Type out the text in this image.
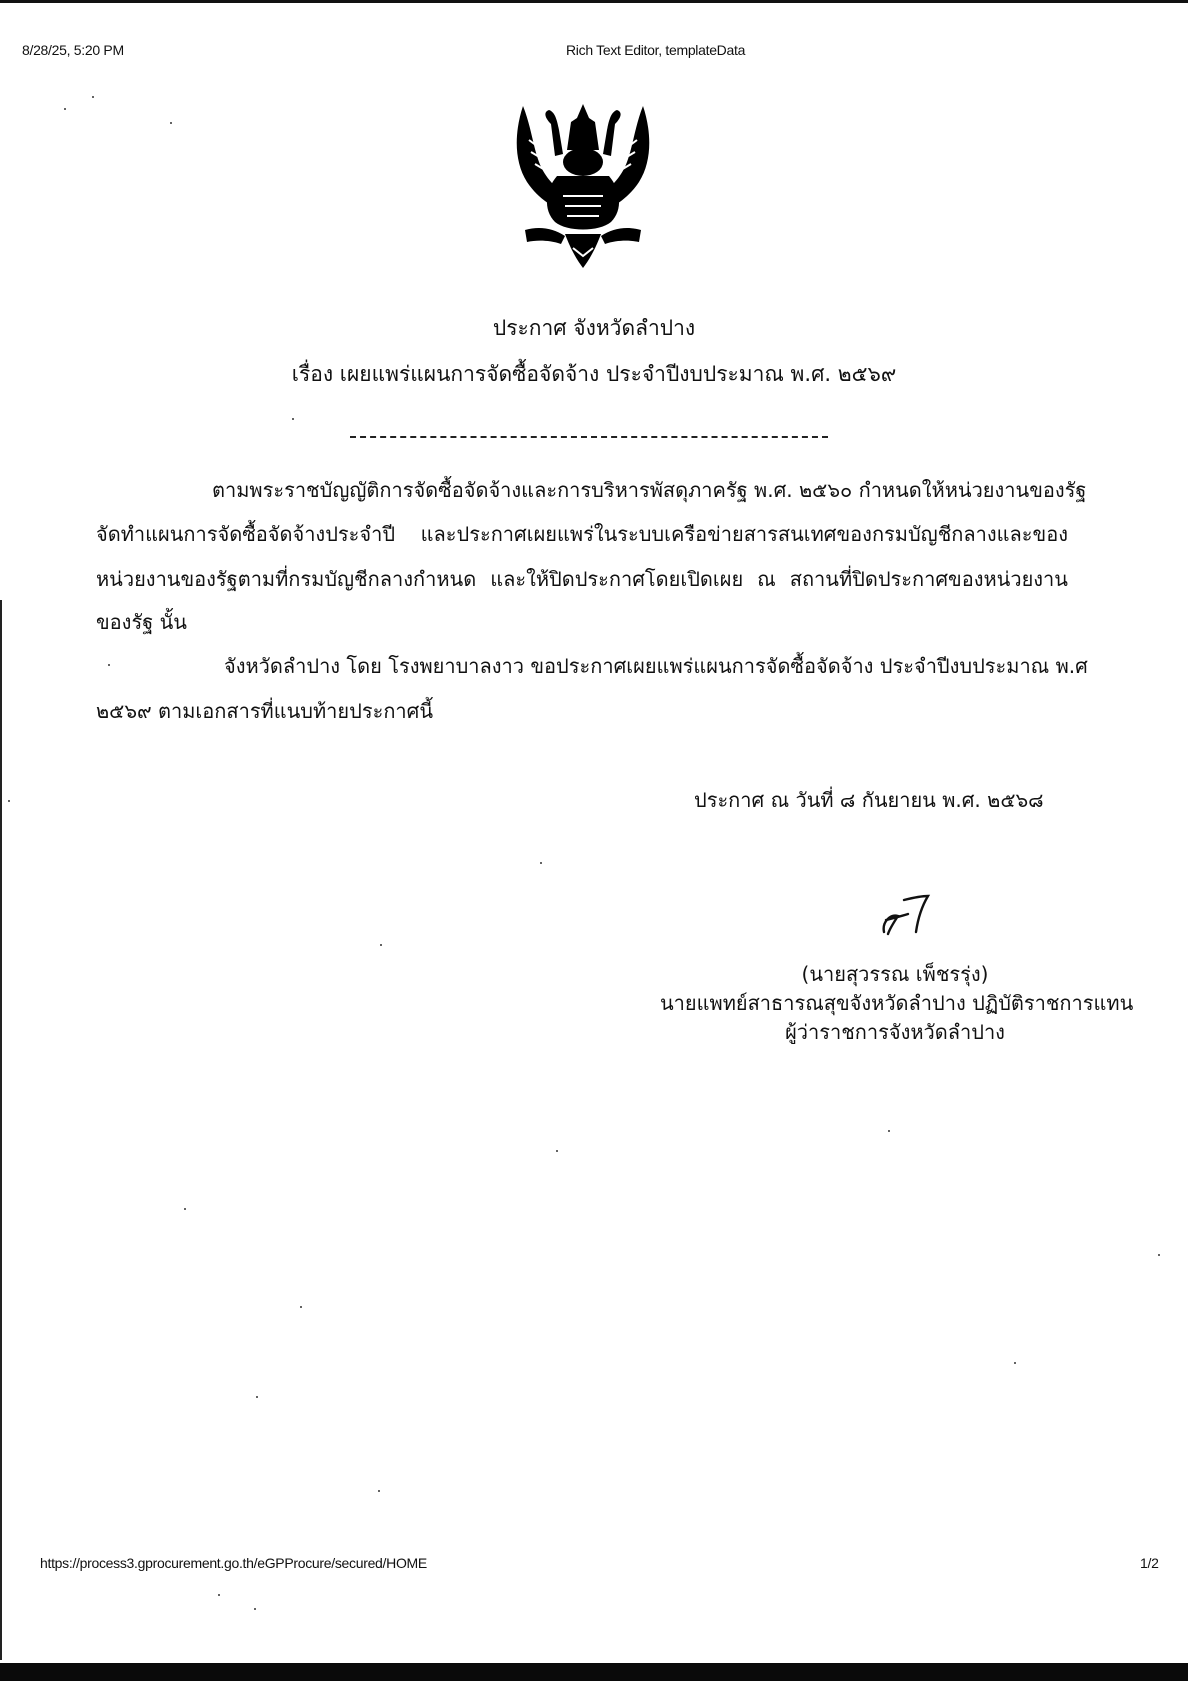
8/28/25, 5:20 PM	Rich Text Editor, templateData
ประกาศ จังหวัดลำปาง
เรื่อง เผยแพร่แผนการจัดซื้อจัดจ้าง ประจำปีงบประมาณ พ.ศ. ๒๕๖๙
ตามพระราชบัญญัติการจัดซื้อจัดจ้างและการบริหารพัสดุภาครัฐ พ.ศ. ๒๕๖๐ กำหนดให้หน่วยงานของรัฐ
จัดทำแผนการจัดซื้อจัดจ้างประจำปี และประกาศเผยแพร่ในระบบเครือข่ายสารสนเทศของกรมบัญชีกลางและของ
หน่วยงานของรัฐตามที่กรมบัญชีกลางกำหนด และให้ปิดประกาศโดยเปิดเผย ณ สถานที่ปิดประกาศของหน่วยงาน
ของรัฐ นั้น
จังหวัดลำปาง โดย โรงพยาบาลงาว ขอประกาศเผยแพร่แผนการจัดซื้อจัดจ้าง ประจำปีงบประมาณ พ.ศ
๒๕๖๙ ตามเอกสารที่แนบท้ายประกาศนี้
ประกาศ ณ วันที่ ๘ กันยายน พ.ศ. ๒๕๖๘
(นายสุวรรณ เพ็ชรรุ่ง)
นายแพทย์สาธารณสุขจังหวัดลำปาง ปฏิบัติราชการแทน
ผู้ว่าราชการจังหวัดลำปาง
https://process3.gprocurement.go.th/eGPProcure/secured/HOME	1/2
